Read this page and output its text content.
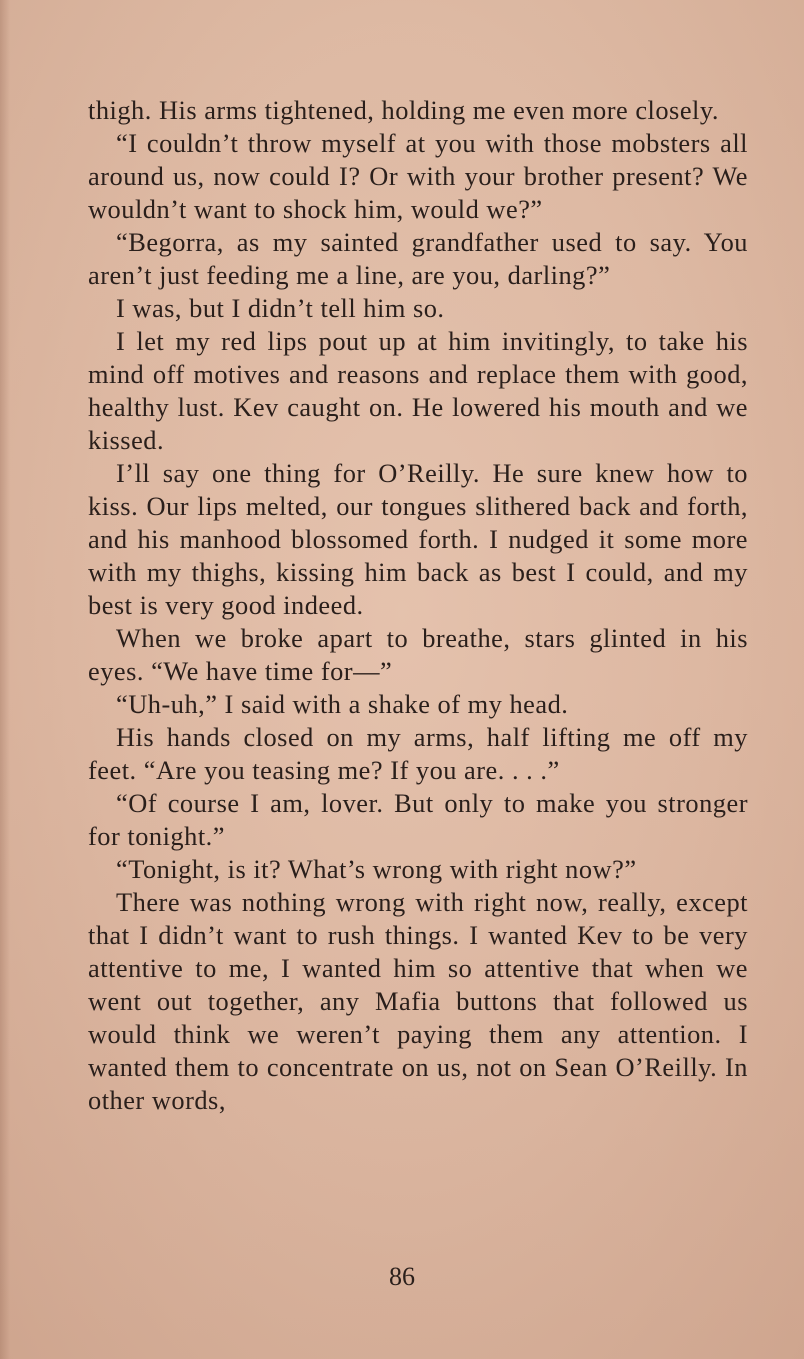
thigh. His arms tightened, holding me even more closely.

“I couldn’t throw myself at you with those mobsters all around us, now could I? Or with your brother present? We wouldn’t want to shock him, would we?”

“Begorra, as my sainted grandfather used to say. You aren’t just feeding me a line, are you, darling?”

I was, but I didn’t tell him so.

I let my red lips pout up at him invitingly, to take his mind off motives and reasons and replace them with good, healthy lust. Kev caught on. He lowered his mouth and we kissed.

I’ll say one thing for O’Reilly. He sure knew how to kiss. Our lips melted, our tongues slithered back and forth, and his manhood blossomed forth. I nudged it some more with my thighs, kissing him back as best I could, and my best is very good indeed.

When we broke apart to breathe, stars glinted in his eyes. “We have time for—”

“Uh-uh,” I said with a shake of my head.

His hands closed on my arms, half lifting me off my feet. “Are you teasing me? If you are. . . .”

“Of course I am, lover. But only to make you stronger for tonight.”

“Tonight, is it? What’s wrong with right now?”

There was nothing wrong with right now, really, except that I didn’t want to rush things. I wanted Kev to be very attentive to me, I wanted him so attentive that when we went out together, any Mafia buttons that followed us would think we weren’t paying them any attention. I wanted them to concentrate on us, not on Sean O’Reilly. In other words,

86
